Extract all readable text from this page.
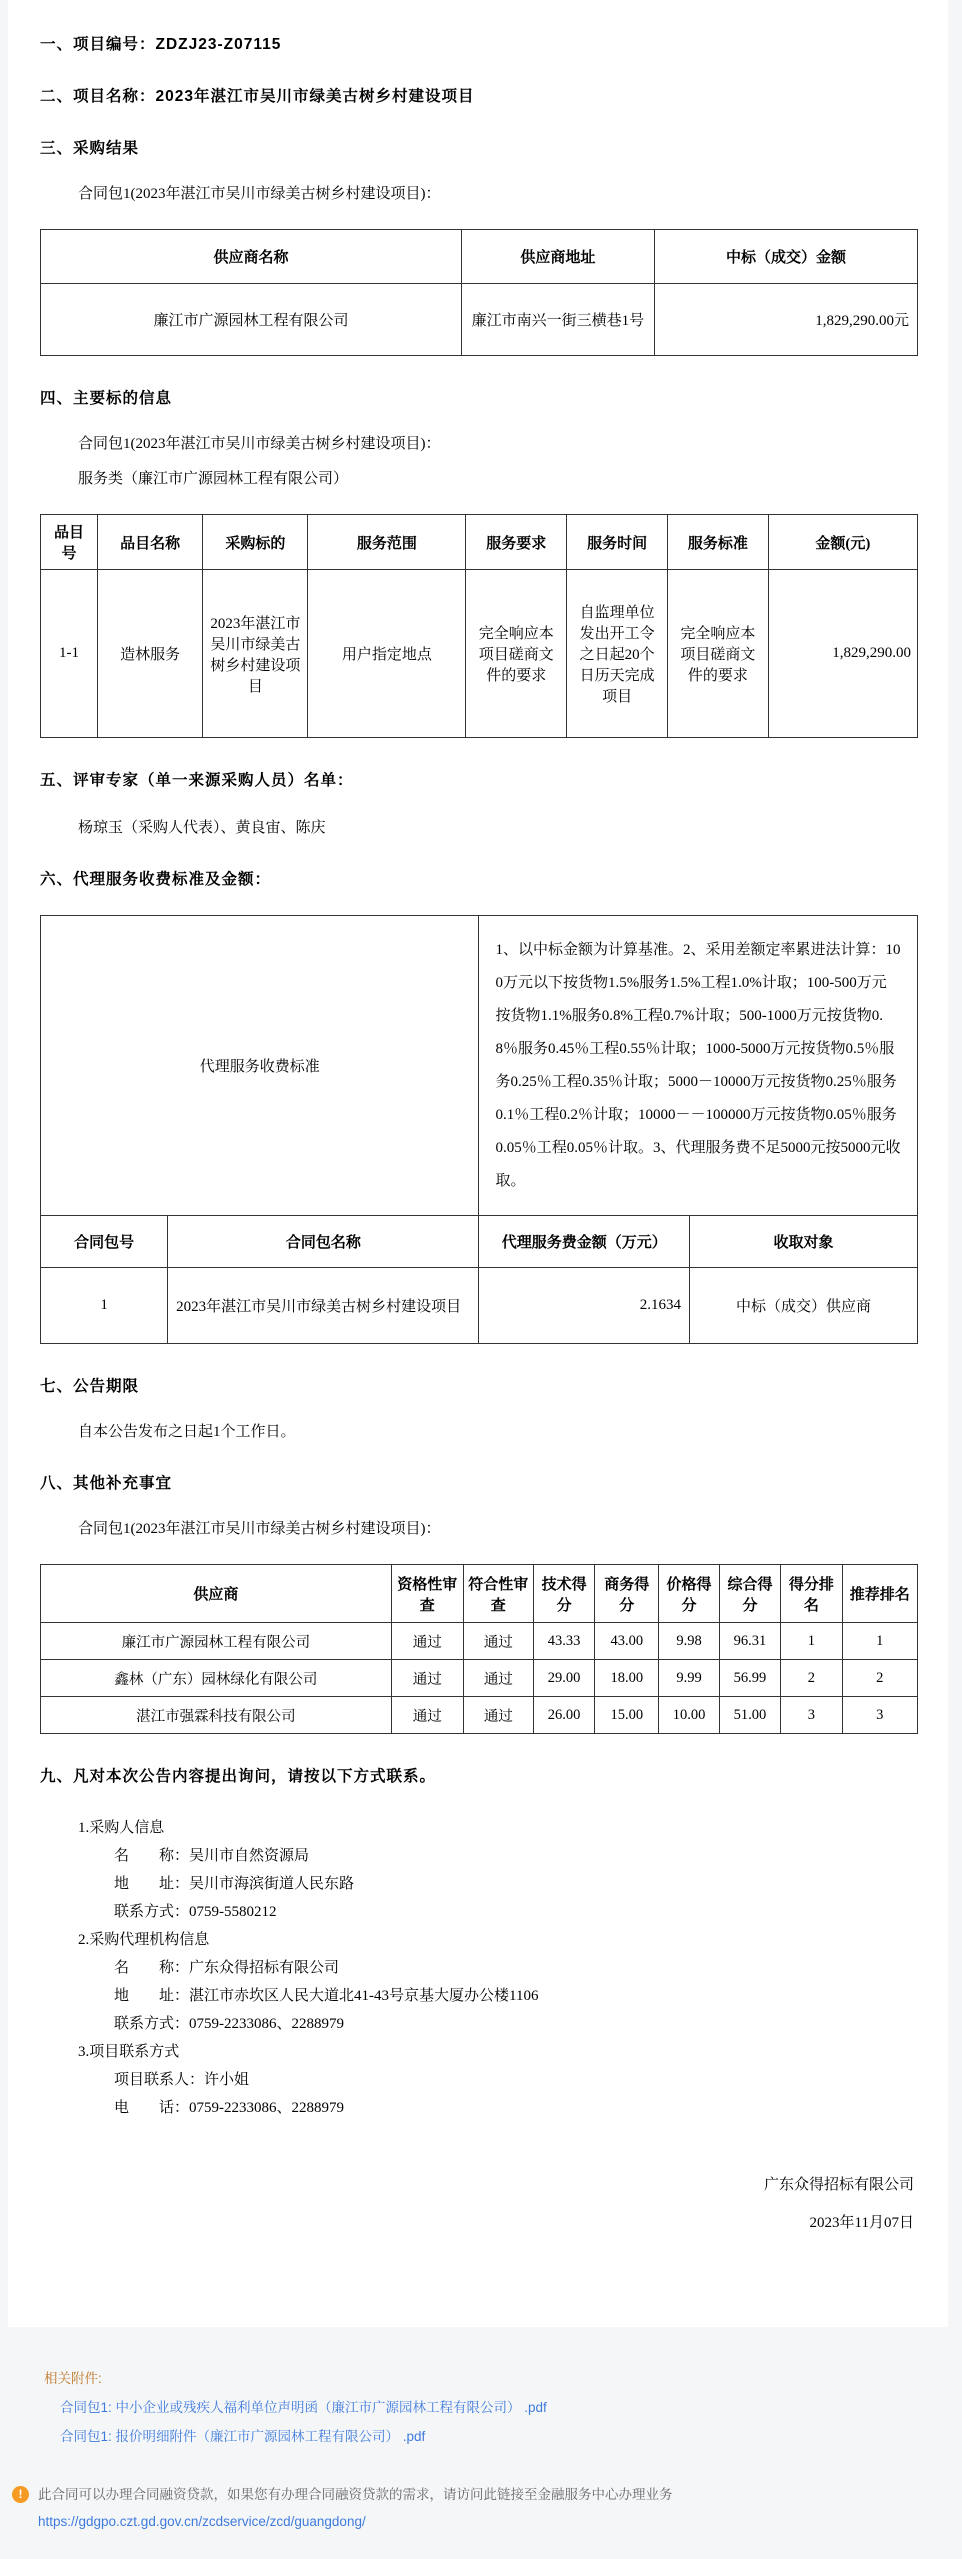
一、项目编号：ZDZJ23-Z07115
二、项目名称：2023年湛江市吴川市绿美古树乡村建设项目
三、采购结果
合同包1(2023年湛江市吴川市绿美古树乡村建设项目)：
供应商名称	供应商地址	中标（成交）金额
廉江市广源园林工程有限公司	廉江市南兴一街三横巷1号	1,829,290.00元
四、主要标的信息
合同包1(2023年湛江市吴川市绿美古树乡村建设项目)：
服务类（廉江市广源园林工程有限公司）
品目号	品目名称	采购标的	服务范围	服务要求	服务时间	服务标准	金额(元)
1-1	造林服务	2023年湛江市吴川市绿美古树乡村建设项目	用户指定地点	完全响应本项目磋商文件的要求	自监理单位发出开工令之日起20个日历天完成项目	完全响应本项目磋商文件的要求	1,829,290.00
五、评审专家（单一来源采购人员）名单：
杨琼玉（采购人代表）、黄良宙、陈庆
六、代理服务收费标准及金额：
代理服务收费标准		1、以中标金额为计算基准。2、采用差额定率累进法计算：100万元以下按货物1.5%服务1.5%工程1.0%计取；100-500万元按货物1.1%服务0.8%工程0.7%计取；500-1000万元按货物0.8％服务0.45％工程0.55％计取；1000-5000万元按货物0.5％服务0.25％工程0.35％计取；5000－10000万元按货物0.25％服务0.1％工程0.2％计取；10000－－100000万元按货物0.05％服务0.05％工程0.05％计取。3、代理服务费不足5000元按5000元收取。	
合同包号	合同包名称	代理服务费金额（万元）	收取对象
1	2023年湛江市吴川市绿美古树乡村建设项目	2.1634	中标（成交）供应商
七、公告期限
自本公告发布之日起1个工作日。
八、其他补充事宜
合同包1(2023年湛江市吴川市绿美古树乡村建设项目)：
供应商	资格性审查	符合性审查	技术得分	商务得分	价格得分	综合得分	得分排名	推荐排名
廉江市广源园林工程有限公司	通过	通过	43.33	43.00	9.98	96.31	1	1
鑫林（广东）园林绿化有限公司	通过	通过	29.00	18.00	9.99	56.99	2	2
湛江市强霖科技有限公司	通过	通过	26.00	15.00	10.00	51.00	3	3
九、凡对本次公告内容提出询问，请按以下方式联系。
1.采购人信息
名　　称：吴川市自然资源局
地　　址：吴川市海滨街道人民东路
联系方式：0759-5580212
2.采购代理机构信息
名　　称：广东众得招标有限公司
地　　址：湛江市赤坎区人民大道北41-43号京基大厦办公楼1106
联系方式：0759-2233086、2288979
3.项目联系方式
项目联系人：许小姐
电　　话：0759-2233086、2288979
广东众得招标有限公司
2023年11月07日
相关附件:
合同包1: 中小企业或残疾人福利单位声明函（廉江市广源园林工程有限公司） .pdf
合同包1: 报价明细附件（廉江市广源园林工程有限公司） .pdf
!	此合同可以办理合同融资贷款，如果您有办理合同融资贷款的需求，请访问此链接至金融服务中心办理业务
https://gdgpo.czt.gd.gov.cn/zcdservice/zcd/guangdong/
